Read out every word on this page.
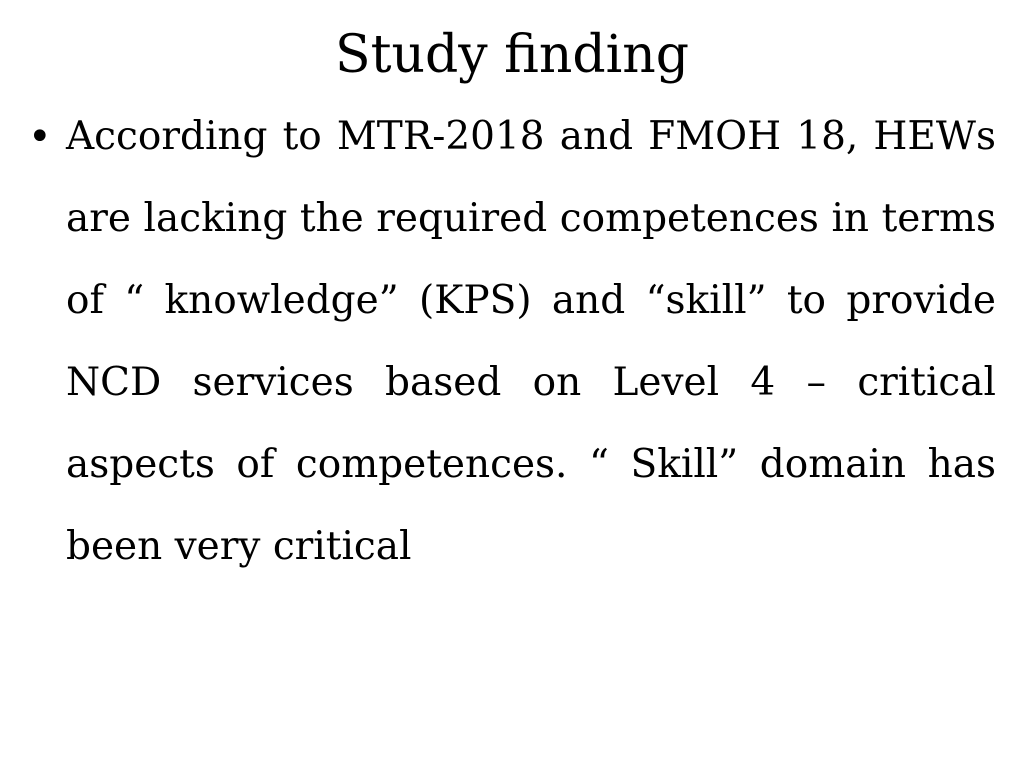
Study finding
• According to MTR-2018 and FMOH 18, HEWs are lacking the required competences in terms of “ knowledge” (KPS) and “skill” to provide NCD services based on Level 4 – critical aspects of competences. “ Skill” domain has been very critical
